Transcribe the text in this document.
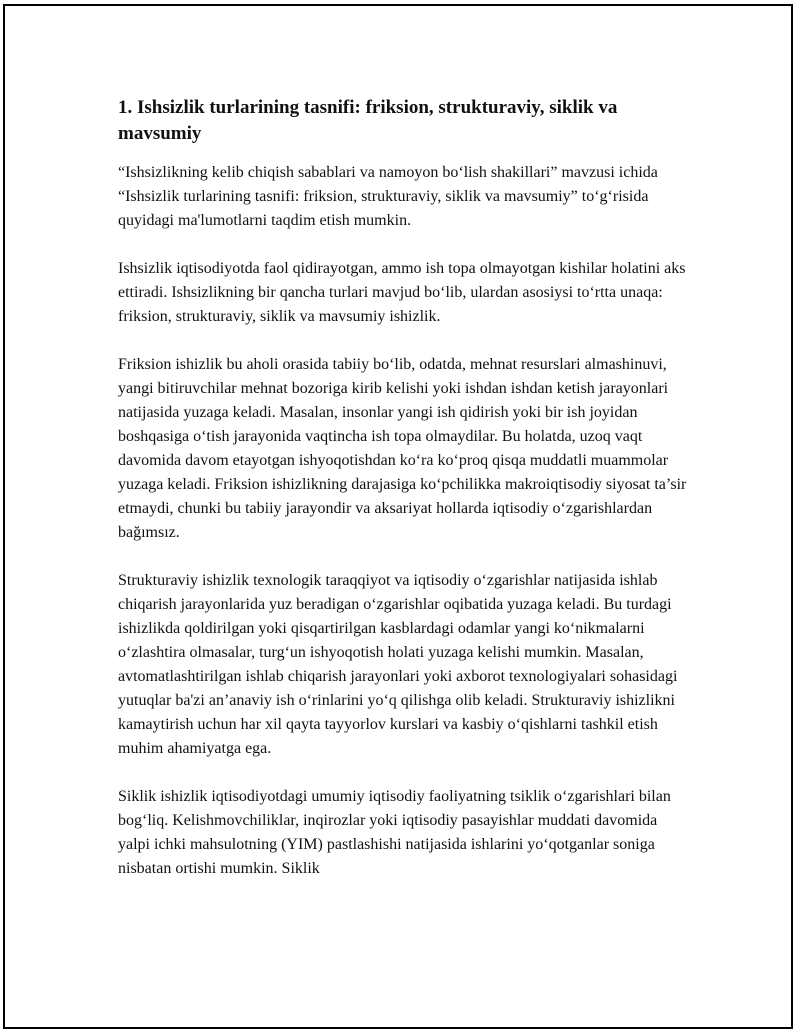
1. Ishsizlik turlarining tasnifi: friksion, strukturaviy, siklik va mavsumiy

“Ishsizlikning kelib chiqish sabablari va namoyon bo‘lish shakillari” mavzusi ichida “Ishsizlik turlarining tasnifi: friksion, strukturaviy, siklik va mavsumiy” to‘g‘risida quyidagi ma'lumotlarni taqdim etish mumkin.

Ishsizlik iqtisodiyotda faol qidirayotgan, ammo ish topa olmayotgan kishilar holatini aks ettiradi. Ishsizlikning bir qancha turlari mavjud bo‘lib, ulardan asosiysi to‘rtta unaqa: friksion, strukturaviy, siklik va mavsumiy ishizlik.

Friksion ishizlik bu aholi orasida tabiiy bo‘lib, odatda, mehnat resurslari almashinuvi, yangi bitiruvchilar mehnat bozoriga kirib kelishi yoki ishdan ishdan ketish jarayonlari natijasida yuzaga keladi. Masalan, insonlar yangi ish qidirish yoki bir ish joyidan boshqasiga o‘tish jarayonida vaqtincha ish topa olmaydilar. Bu holatda, uzoq vaqt davomida davom etayotgan ishyoqotishdan ko‘ra ko‘proq qisqa muddatli muammolar yuzaga keladi. Friksion ishizlikning darajasiga ko‘pchilikka makroiqtisodiy siyosat ta’sir etmaydi, chunki bu tabiiy jarayondir va aksariyat hollarda iqtisodiy o‘zgarishlardan bağımsız.

Strukturaviy ishizlik texnologik taraqqiyot va iqtisodiy o‘zgarishlar natijasida ishlab chiqarish jarayonlarida yuz beradigan o‘zgarishlar oqibatida yuzaga keladi. Bu turdagi ishizlikda qoldirilgan yoki qisqartirilgan kasblardagi odamlar yangi ko‘nikmalarni o‘zlashtira olmasalar, turg‘un ishyoqotish holati yuzaga kelishi mumkin. Masalan, avtomatlashtirilgan ishlab chiqarish jarayonlari yoki axborot texnologiyalari sohasidagi yutuqlar ba'zi an’anaviy ish o‘rinlarini yo‘q qilishga olib keladi. Strukturaviy ishizlikni kamaytirish uchun har xil qayta tayyorlov kurslari va kasbiy o‘qishlarni tashkil etish muhim ahamiyatga ega.

Siklik ishizlik iqtisodiyotdagi umumiy iqtisodiy faoliyatning tsiklik o‘zgarishlari bilan bog‘liq. Kelishmovchiliklar, inqirozlar yoki iqtisodiy pasayishlar muddati davomida yalpi ichki mahsulotning (YIM) pastlashishi natijasida ishlarini yo‘qotganlar soniga nisbatan ortishi mumkin. Siklik
